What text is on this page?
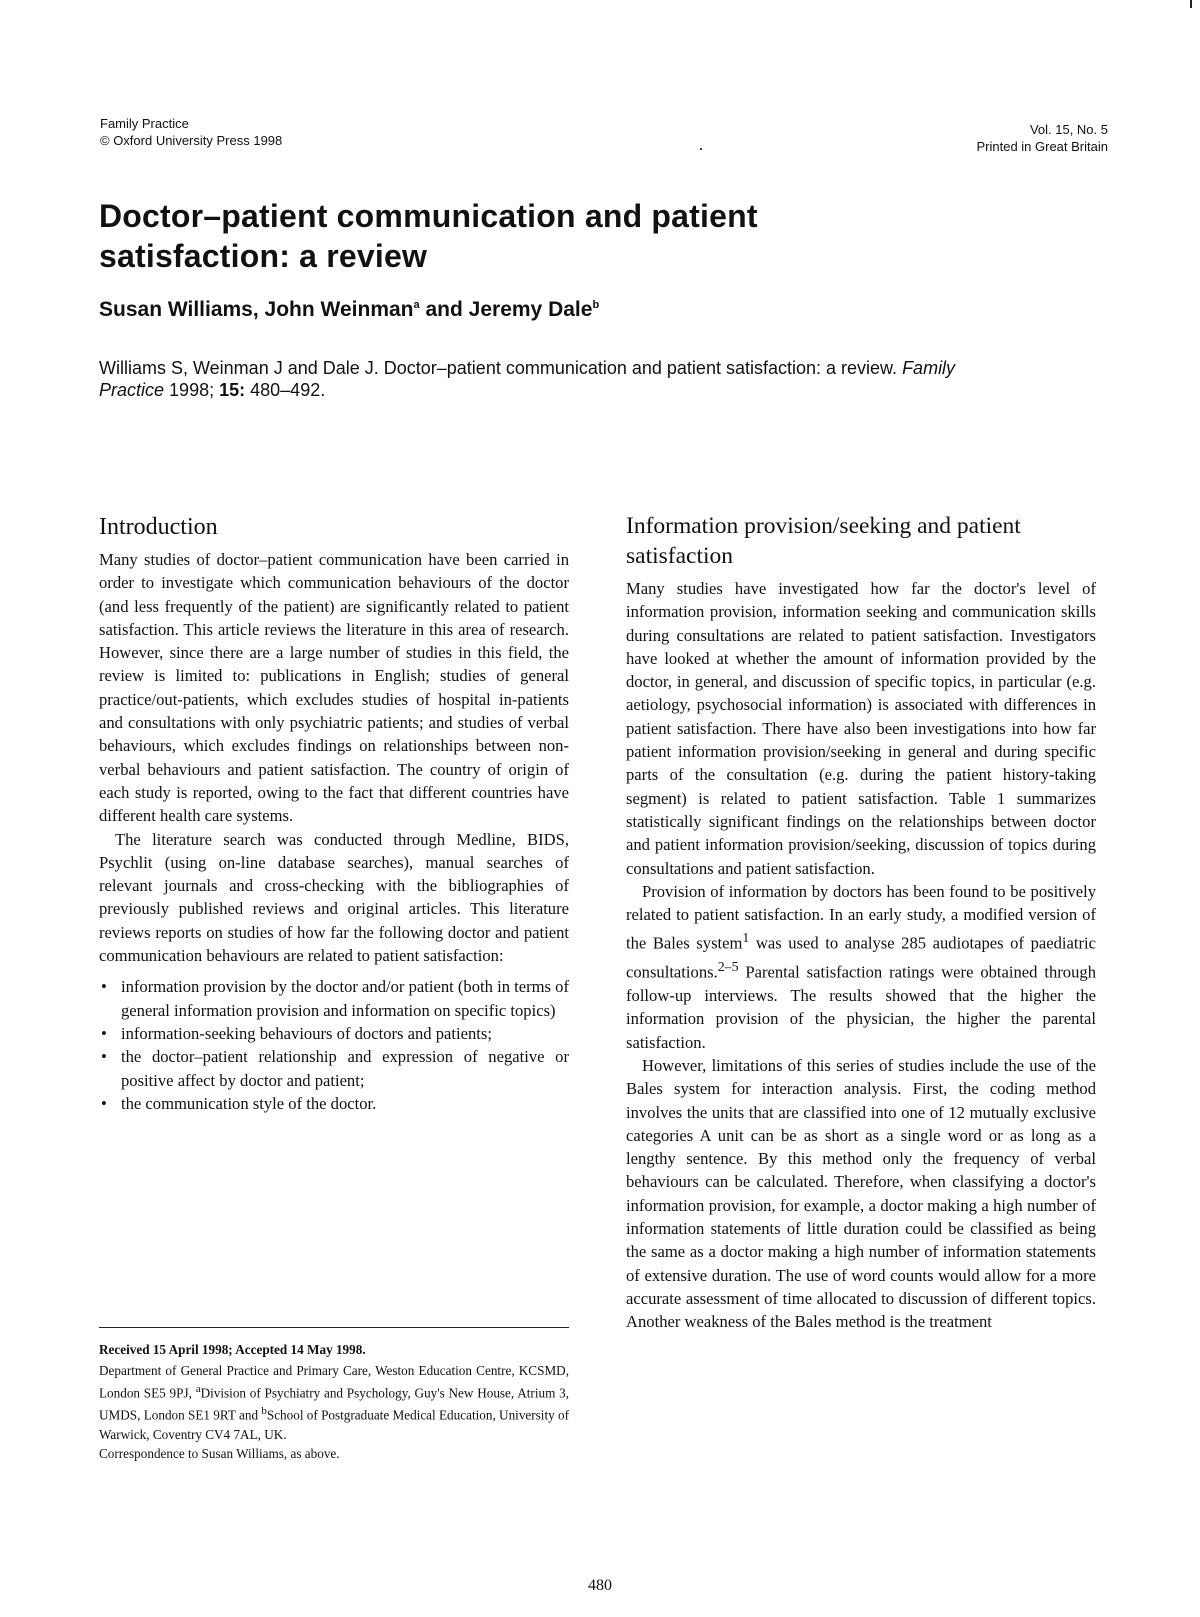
Family Practice
© Oxford University Press 1998
Vol. 15, No. 5
Printed in Great Britain
Doctor–patient communication and patient
satisfaction: a review
Susan Williams, John Weinman$^a$ and Jeremy Dale$^b$
Williams S, Weinman J and Dale J. Doctor–patient communication and patient satisfaction: a review. Family Practice 1998; 15: 480–492.
Introduction

Many studies of doctor–patient communication have been carried in order to investigate which communication behaviours of the doctor (and less frequently of the patient) are significantly related to patient satisfaction. This article reviews the literature in this area of research. However, since there are a large number of studies in this field, the review is limited to: publications in English; studies of general practice/out-patients, which excludes studies of hospital in-patients and consultations with only psychiatric patients; and studies of verbal behaviours, which excludes findings on relationships between non-verbal behaviours and patient satisfaction. The country of origin of each study is reported, owing to the fact that different countries have different health care systems.

The literature search was conducted through Medline, BIDS, Psychlit (using on-line database searches), manual searches of relevant journals and cross-checking with the bibliographies of previously published reviews and original articles. This literature reviews reports on studies of how far the following doctor and patient communication behaviours are related to patient satisfaction:

• information provision by the doctor and/or patient (both in terms of general information provision and information on specific topics)
• information-seeking behaviours of doctors and patients;
• the doctor–patient relationship and expression of negative or positive affect by doctor and patient;
• the communication style of the doctor.

Received 15 April 1998; Accepted 14 May 1998.

Department of General Practice and Primary Care, Weston Education Centre, KCSMD, London SE5 9PJ, $^a$Division of Psychiatry and Psychology, Guy's New House, Atrium 3, UMDS, London SE1 9RT and $^b$School of Postgraduate Medical Education, University of Warwick, Coventry CV4 7AL, UK.

Correspondence to Susan Williams, as above.

Information provision/seeking and patient satisfaction

Many studies have investigated how far the doctor's level of information provision, information seeking and communication skills during consultations are related to patient satisfaction. Investigators have looked at whether the amount of information provided by the doctor, in general, and discussion of specific topics, in particular (e.g. aetiology, psychosocial information) is associated with differences in patient satisfaction. There have also been investigations into how far patient information provision/seeking in general and during specific parts of the consultation (e.g. during the patient history-taking segment) is related to patient satisfaction. Table 1 summarizes statistically significant findings on the relationships between doctor and patient information provision/seeking, discussion of topics during consultations and patient satisfaction.

Provision of information by doctors has been found to be positively related to patient satisfaction. In an early study, a modified version of the Bales system$^1$ was used to analyse 285 audiotapes of paediatric consultations.$^{2-5}$ Parental satisfaction ratings were obtained through follow-up interviews. The results showed that the higher the information provision of the physician, the higher the parental satisfaction.

However, limitations of this series of studies include the use of the Bales system for interaction analysis. First, the coding method involves the units that are classified into one of 12 mutually exclusive categories A unit can be as short as a single word or as long as a lengthy sentence. By this method only the frequency of verbal behaviours can be calculated. Therefore, when classifying a doctor's information provision, for example, a doctor making a high number of information statements of little duration could be classified as being the same as a doctor making a high number of information statements of extensive duration. The use of word counts would allow for a more accurate assessment of time allocated to discussion of different topics. Another weakness of the Bales method is the treatment

480
